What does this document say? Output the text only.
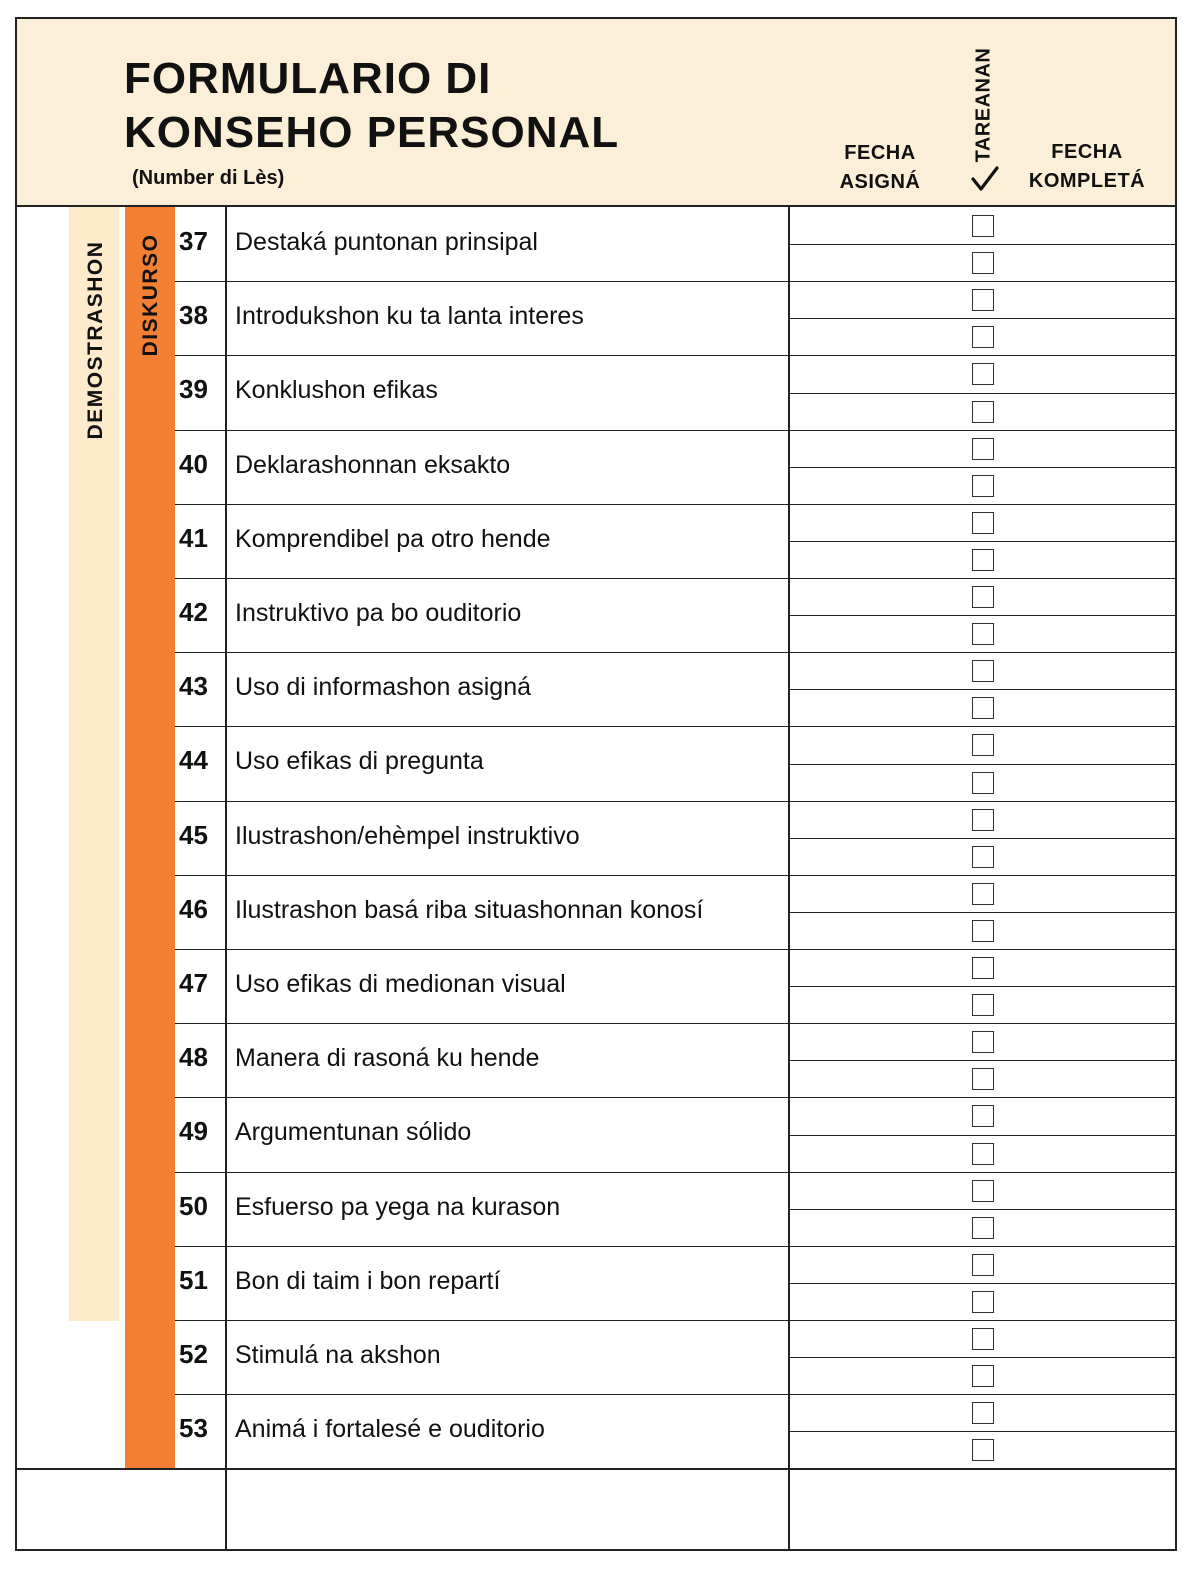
FORMULARIO DI
KONSEHO PERSONAL
(Number di Lès)
FECHA
ASIGNÁ
TAREANAN	FECHA
KOMPLETÁ
DEMOSTRASHON DISKURSO 37 Destaká puntonan prinsipal
38 Introdukshon ku ta lanta interes
39 Konklushon efikas
40 Deklarashonnan eksakto
41 Komprendibel pa otro hende
42 Instruktivo pa bo ouditorio
43 Uso di informashon asigná
44 Uso efikas di pregunta
45 Ilustrashon/ehèmpel instruktivo
46 Ilustrashon basá riba situashonnan konosí
47 Uso efikas di medionan visual
48 Manera di rasoná ku hende
49 Argumentunan sólido
50 Esfuerso pa yega na kurason
51 Bon di taim i bon repartí
52 Stimulá na akshon
53 Animá i fortalesé e ouditorio
